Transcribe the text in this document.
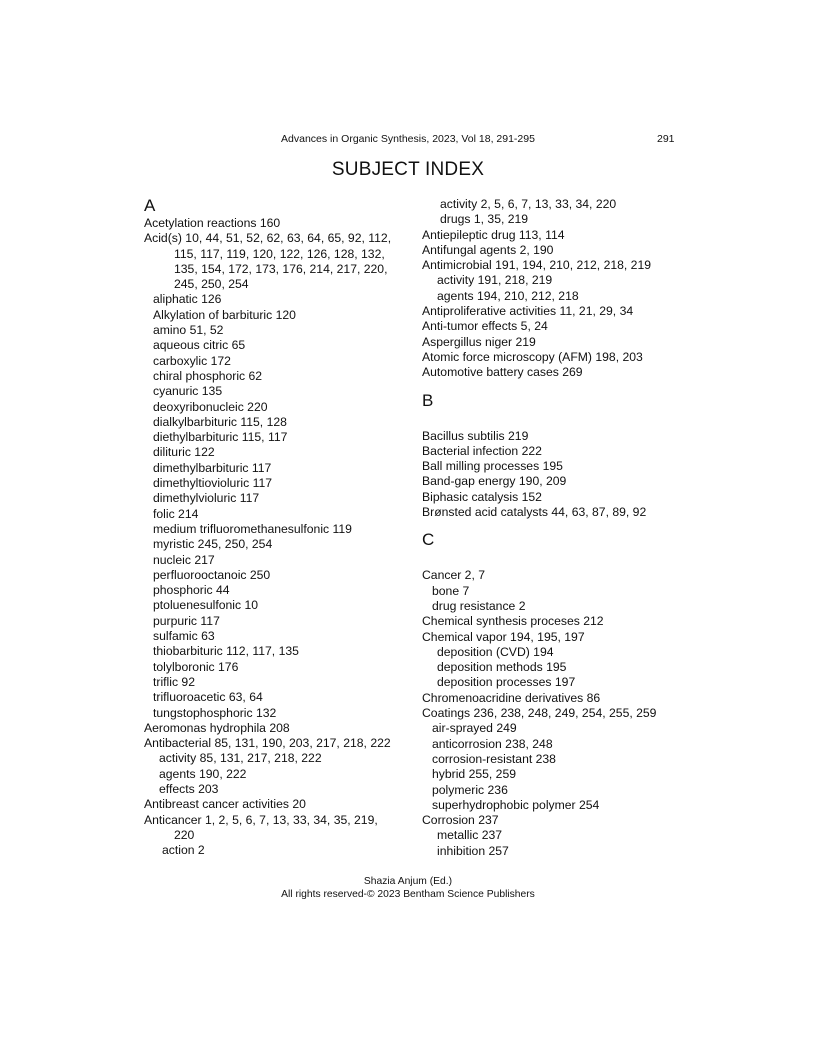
Advances in Organic Synthesis, 2023, Vol 18, 291-295	291
SUBJECT INDEX
A
Acetylation reactions 160
Acid(s) 10, 44, 51, 52, 62, 63, 64, 65, 92, 112,
115, 117, 119, 120, 122, 126, 128, 132,
135, 154, 172, 173, 176, 214, 217, 220,
245, 250, 254
aliphatic 126
Alkylation of barbituric 120
amino 51, 52
aqueous citric 65
carboxylic 172
chiral phosphoric 62
cyanuric 135
deoxyribonucleic 220
dialkylbarbituric 115, 128
diethylbarbituric 115, 117
dilituric 122
dimethylbarbituric 117
dimethyltiovioluric 117
dimethylvioluric 117
folic 214
medium trifluoromethanesulfonic 119
myristic 245, 250, 254
nucleic 217
perfluorooctanoic 250
phosphoric 44
ptoluenesulfonic 10
purpuric 117
sulfamic 63
thiobarbituric 112, 117, 135
tolylboronic 176
triflic 92
trifluoroacetic 63, 64
tungstophosphoric 132
Aeromonas hydrophila 208
Antibacterial 85, 131, 190, 203, 217, 218, 222
activity 85, 131, 217, 218, 222
agents 190, 222
effects 203
Antibreast cancer activities 20
Anticancer 1, 2, 5, 6, 7, 13, 33, 34, 35, 219,
220
action 2
activity 2, 5, 6, 7, 13, 33, 34, 220
drugs 1, 35, 219
Antiepileptic drug 113, 114
Antifungal agents 2, 190
Antimicrobial 191, 194, 210, 212, 218, 219
activity 191, 218, 219
agents 194, 210, 212, 218
Antiproliferative activities 11, 21, 29, 34
Anti-tumor effects 5, 24
Aspergillus niger 219
Atomic force microscopy (AFM) 198, 203
Automotive battery cases 269
B
Bacillus subtilis 219
Bacterial infection 222
Ball milling processes 195
Band-gap energy 190, 209
Biphasic catalysis 152
Brønsted acid catalysts 44, 63, 87, 89, 92
C
Cancer 2, 7
bone 7
drug resistance 2
Chemical synthesis proceses 212
Chemical vapor 194, 195, 197
deposition (CVD) 194
deposition methods 195
deposition processes 197
Chromenoacridine derivatives 86
Coatings 236, 238, 248, 249, 254, 255, 259
air-sprayed 249
anticorrosion 238, 248
corrosion-resistant 238
hybrid 255, 259
polymeric 236
superhydrophobic polymer 254
Corrosion 237
metallic 237
inhibition 257
Shazia Anjum (Ed.)
All rights reserved-© 2023 Bentham Science Publishers
